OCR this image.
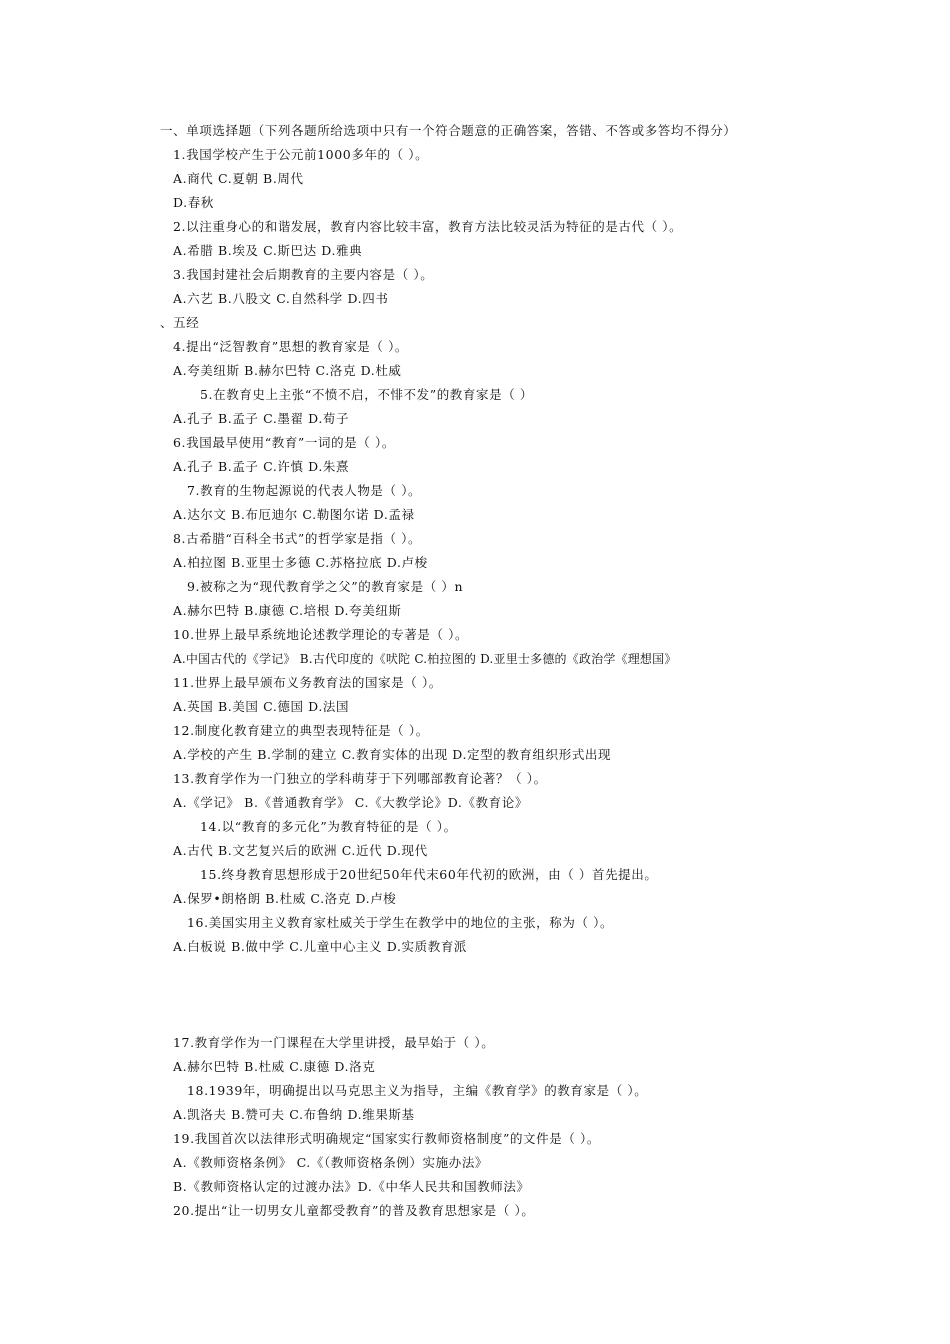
一、单项选择题（下列各题所给选项中只有一个符合题意的正确答案，答错、不答或多答均不得分）
1.我国学校产生于公元前1000多年的（ ）。
A.商代 C.夏朝 B.周代
D.春秋
2.以注重身心的和谐发展，教育内容比较丰富，教育方法比较灵活为特征的是古代（ ）。
A.希腊 B.埃及 C.斯巴达 D.雅典
3.我国封建社会后期教育的主要内容是（ ）。
A.六艺 B.八股文 C.自然科学 D.四书
、五经
4.提出“泛智教育”思想的教育家是（ ）。
A.夸美纽斯 B.赫尔巴特 C.洛克 D.杜威
5.在教育史上主张“不愤不启，不悱不发”的教育家是（ ）
A.孔子 B.孟子 C.墨翟 D.荀子
6.我国最早使用“教育”一词的是（ ）。
A.孔子 B.孟子 C.许慎 D.朱熹
7.教育的生物起源说的代表人物是（ ）。
A.达尔文 B.布厄迪尔 C.勒图尔诺 D.孟禄
8.古希腊“百科全书式”的哲学家是指（ ）。
A.柏拉图 B.亚里士多德 C.苏格拉底 D.卢梭
9.被称之为“现代教育学之父”的教育家是（ ）n
A.赫尔巴特 B.康德 C.培根 D.夸美纽斯
10.世界上最早系统地论述教学理论的专著是（ ）。
A.中国古代的《学记》 B.古代印度的《吠陀 C.柏拉图的 D.亚里士多德的《政治学《理想国》
11.世界上最早颁布义务教育法的国家是（ ）。
A.英国 B.美国 C.德国 D.法国
12.制度化教育建立的典型表现特征是（ ）。
A.学校的产生 B.学制的建立 C.教育实体的出现 D.定型的教育组织形式出现
13.教育学作为一门独立的学科萌芽于下列哪部教育论著？（ ）。
A.《学记》 B.《普通教育学》 C.《大教学论》D.《教育论》
14.以“教育的多元化”为教育特征的是（ ）。
A.古代 B.文艺复兴后的欧洲 C.近代 D.现代
15.终身教育思想形成于20世纪50年代末60年代初的欧洲，由（ ）首先提出。
A.保罗•朗格朗 B.杜威 C.洛克 D.卢梭
16.美国实用主义教育家杜威关于学生在教学中的地位的主张，称为（ ）。
A.白板说 B.做中学 C.儿童中心主义 D.实质教育派
17.教育学作为一门课程在大学里讲授，最早始于（ ）。
A.赫尔巴特 B.杜威 C.康德 D.洛克
18.1939年，明确提出以马克思主义为指导，主编《教育学》的教育家是（ ）。
A.凯洛夫 B.赞可夫 C.布鲁纳 D.维果斯基
19.我国首次以法律形式明确规定“国家实行教师资格制度”的文件是（ ）。
A.《教师资格条例》 C.《（教师资格条例）实施办法》
B.《教师资格认定的过渡办法》D.《中华人民共和国教师法》
20.提出“让一切男女儿童都受教育”的普及教育思想家是（ ）。
